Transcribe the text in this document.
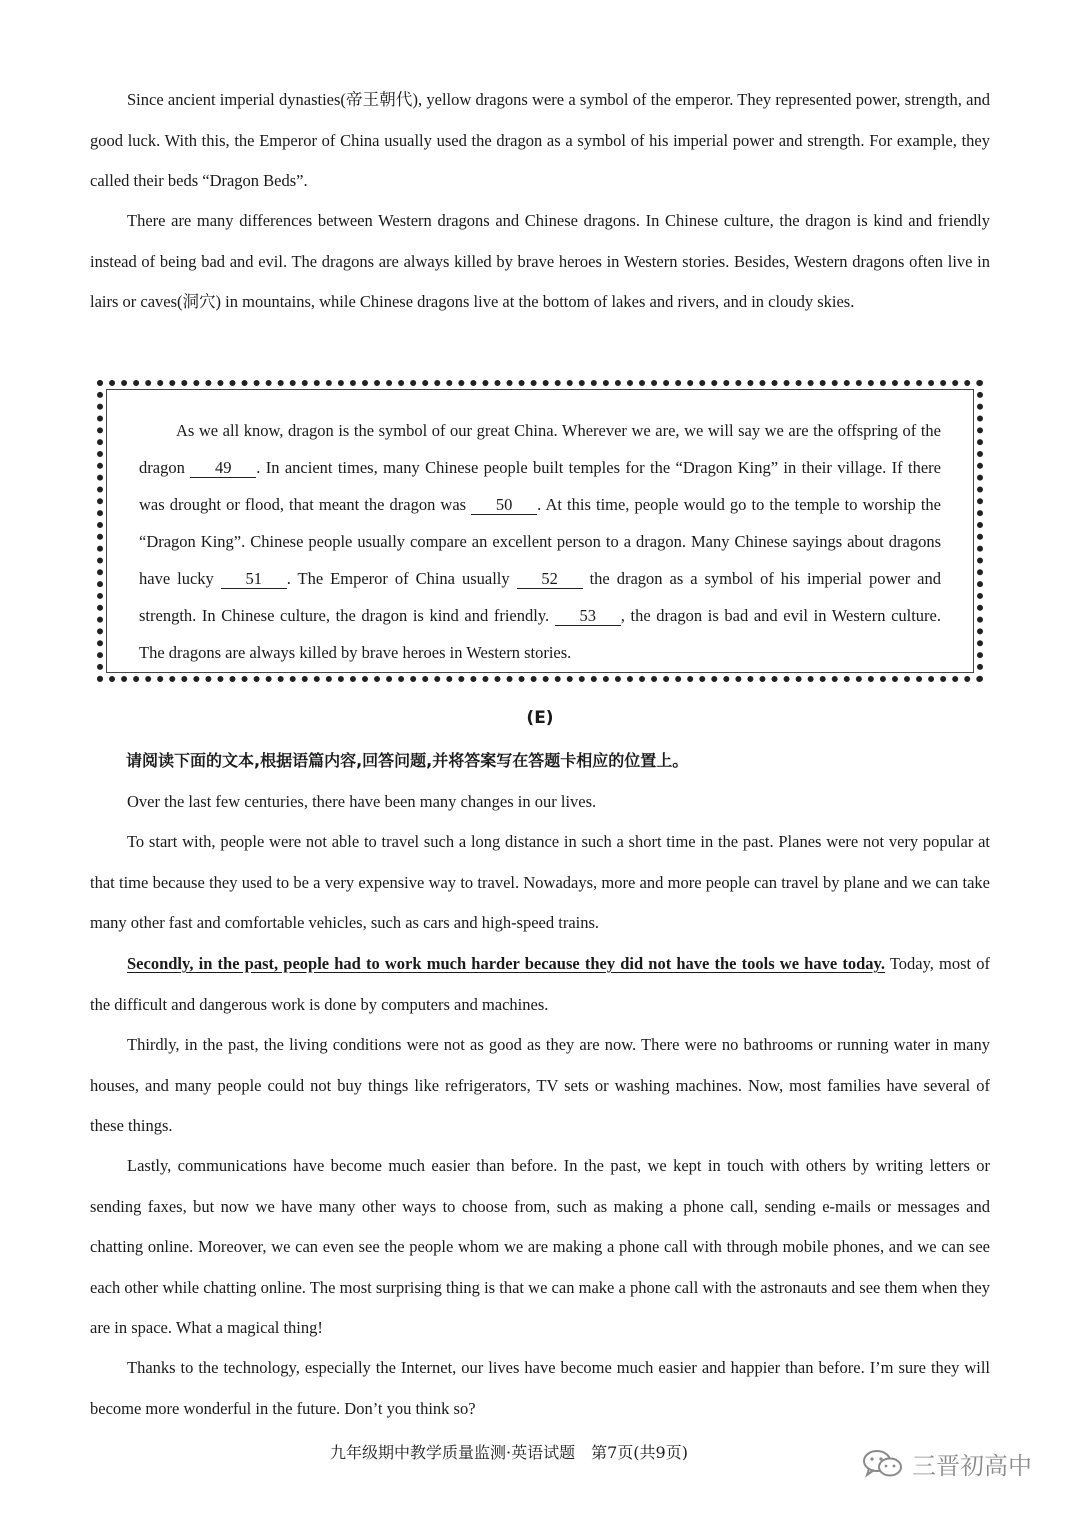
Since ancient imperial dynasties(帝王朝代), yellow dragons were a symbol of the emperor. They represented power, strength, and good luck. With this, the Emperor of China usually used the dragon as a symbol of his imperial power and strength. For example, they called their beds “Dragon Beds”.

There are many differences between Western dragons and Chinese dragons. In Chinese culture, the dragon is kind and friendly instead of being bad and evil. The dragons are always killed by brave heroes in Western stories. Besides, Western dragons often live in lairs or caves(洞穴) in mountains, while Chinese dragons live at the bottom of lakes and rivers, and in cloudy skies.

As we all know, dragon is the symbol of our great China. Wherever we are, we will say we are the offspring of the dragon 49 . In ancient times, many Chinese people built temples for the “Dragon King” in their village. If there was drought or flood, that meant the dragon was 50 . At this time, people would go to the temple to worship the “Dragon King”. Chinese people usually compare an excellent person to a dragon. Many Chinese sayings about dragons have lucky 51 . The Emperor of China usually 52 the dragon as a symbol of his imperial power and strength. In Chinese culture, the dragon is kind and friendly. 53 , the dragon is bad and evil in Western culture. The dragons are always killed by brave heroes in Western stories.

(E)
请阅读下面的文本,根据语篇内容,回答问题,并将答案写在答题卡相应的位置上。

Over the last few centuries, there have been many changes in our lives.

To start with, people were not able to travel such a long distance in such a short time in the past. Planes were not very popular at that time because they used to be a very expensive way to travel. Nowadays, more and more people can travel by plane and we can take many other fast and comfortable vehicles, such as cars and high-speed trains.

Secondly, in the past, people had to work much harder because they did not have the tools we have today. Today, most of the difficult and dangerous work is done by computers and machines.

Thirdly, in the past, the living conditions were not as good as they are now. There were no bathrooms or running water in many houses, and many people could not buy things like refrigerators, TV sets or washing machines. Now, most families have several of these things.

Lastly, communications have become much easier than before. In the past, we kept in touch with others by writing letters or sending faxes, but now we have many other ways to choose from, such as making a phone call, sending e-mails or messages and chatting online. Moreover, we can even see the people whom we are making a phone call with through mobile phones, and we can see each other while chatting online. The most surprising thing is that we can make a phone call with the astronauts and see them when they are in space. What a magical thing!

Thanks to the technology, especially the Internet, our lives have become much easier and happier than before. I’m sure they will become more wonderful in the future. Don’t you think so?

九年级期中教学质量监测·英语试题　第7页(共9页)	三晋初高中
